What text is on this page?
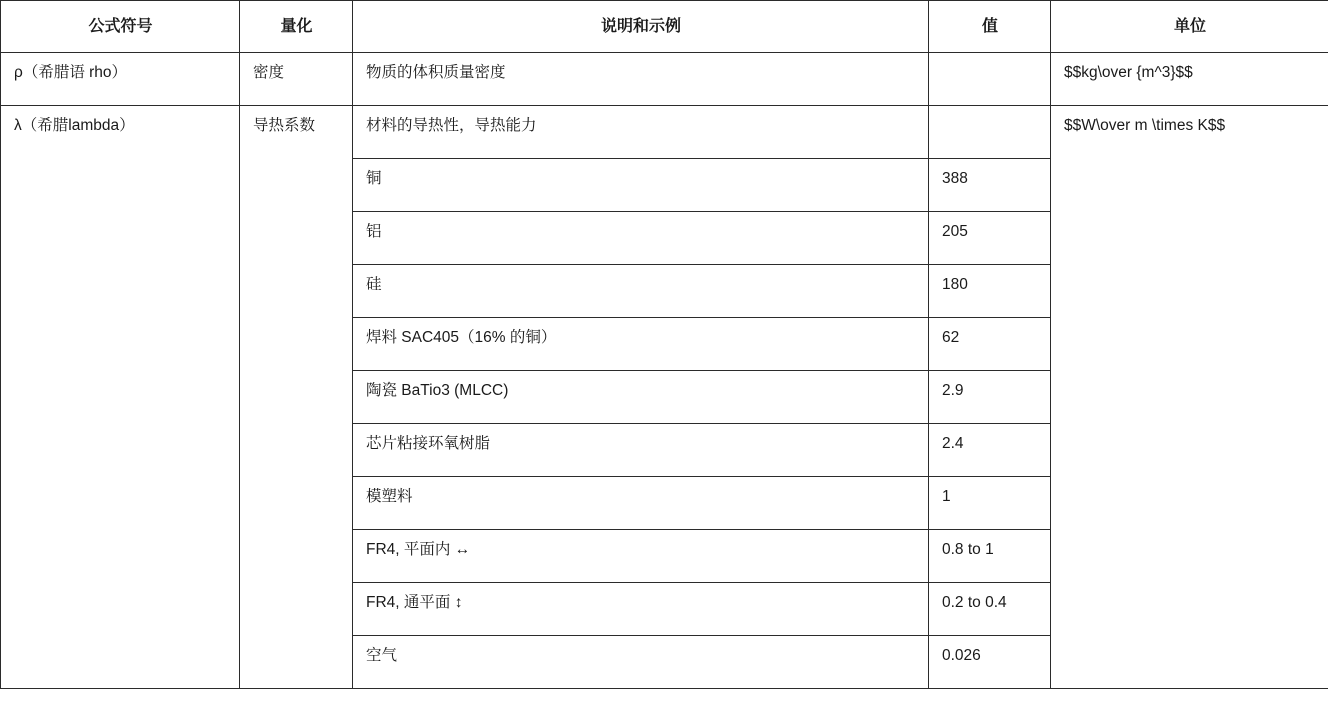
公式符号	量化	说明和示例	值	单位
ρ（希腊语 rho）	密度	物质的体积质量密度		$$kg\over {m^3}$$
λ（希腊lambda）	导热系数	材料的导热性，导热能力		$$W\over m \times K$$
		铜	388	
		铝	205	
		硅	180	
		焊料 SAC405（16% 的铜）	62	
		陶瓷 BaTio3 (MLCC)	2.9	
		芯片粘接环氧树脂	2.4	
		模塑料	1	
		FR4, 平面内 ↔	0.8 to 1	
		FR4, 通平面 ↕	0.2 to 0.4	
		空气	0.026	
